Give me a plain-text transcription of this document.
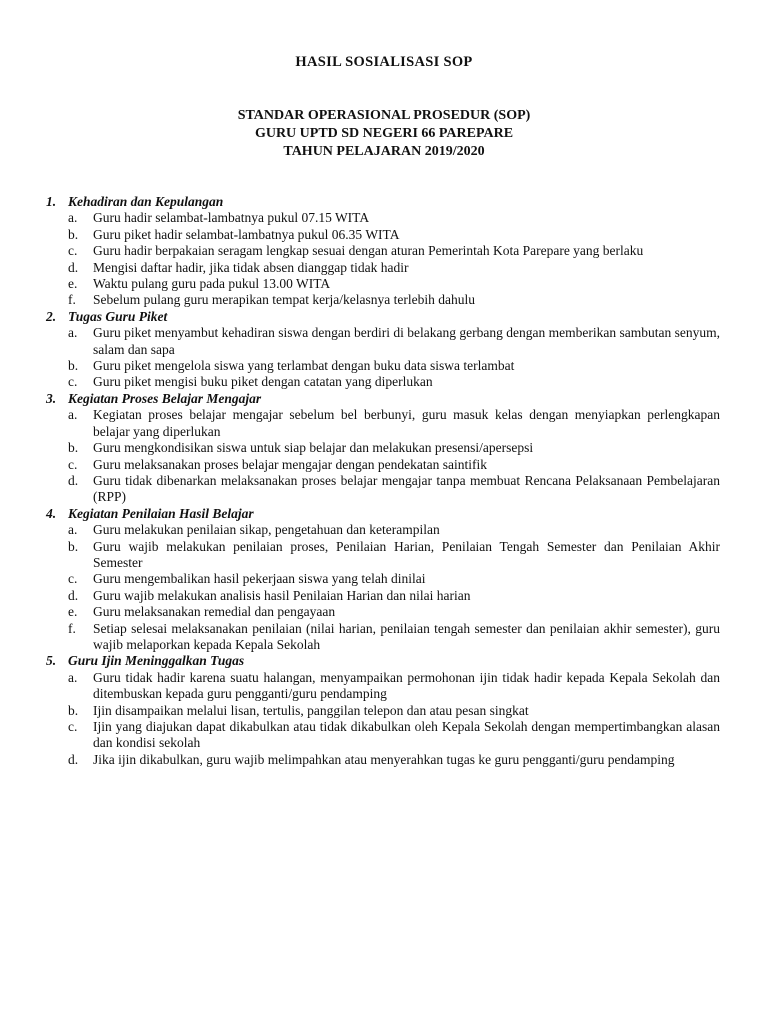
HASIL SOSIALISASI SOP
STANDAR OPERASIONAL PROSEDUR (SOP)
GURU UPTD SD NEGERI 66 PAREPARE
TAHUN PELAJARAN 2019/2020
1. Kehadiran dan Kepulangan
a.	Guru hadir selambat-lambatnya pukul 07.15 WITA
b.	Guru piket hadir selambat-lambatnya pukul 06.35 WITA
c.	Guru hadir berpakaian seragam lengkap sesuai dengan aturan Pemerintah Kota Parepare yang berlaku
d.	Mengisi daftar hadir, jika tidak absen dianggap tidak hadir
e.	Waktu pulang guru pada pukul 13.00 WITA
f.	Sebelum pulang guru merapikan tempat kerja/kelasnya terlebih dahulu
2. Tugas Guru Piket
a.	Guru piket menyambut kehadiran siswa dengan berdiri di belakang gerbang dengan memberikan sambutan senyum, salam dan sapa
b.	Guru piket mengelola siswa yang terlambat dengan buku data siswa terlambat
c.	Guru piket mengisi buku piket dengan catatan yang diperlukan
3. Kegiatan Proses Belajar Mengajar
a.	Kegiatan proses belajar mengajar sebelum bel berbunyi, guru masuk kelas dengan menyiapkan perlengkapan belajar yang diperlukan
b.	Guru mengkondisikan siswa untuk siap belajar dan melakukan presensi/apersepsi
c.	Guru melaksanakan proses belajar mengajar dengan pendekatan saintifik
d.	Guru tidak dibenarkan melaksanakan proses belajar mengajar tanpa membuat Rencana Pelaksanaan Pembelajaran (RPP)
4. Kegiatan Penilaian Hasil Belajar
a.	Guru melakukan penilaian sikap, pengetahuan dan keterampilan
b.	Guru wajib melakukan penilaian proses, Penilaian Harian, Penilaian Tengah Semester dan Penilaian Akhir Semester
c.	Guru mengembalikan hasil pekerjaan siswa yang telah dinilai
d.	Guru wajib melakukan analisis hasil Penilaian Harian dan nilai harian
e.	Guru melaksanakan remedial dan pengayaan
f.	Setiap selesai melaksanakan penilaian (nilai harian, penilaian tengah semester dan penilaian akhir semester), guru wajib melaporkan kepada Kepala Sekolah
5. Guru Ijin Meninggalkan Tugas
a.	Guru tidak hadir karena suatu halangan, menyampaikan permohonan ijin tidak hadir kepada Kepala Sekolah dan ditembuskan kepada guru pengganti/guru pendamping
b.	Ijin disampaikan melalui lisan, tertulis, panggilan telepon dan atau pesan singkat
c.	Ijin yang diajukan dapat dikabulkan atau tidak dikabulkan oleh Kepala Sekolah dengan mempertimbangkan alasan dan kondisi sekolah
d.	Jika ijin dikabulkan, guru wajib melimpahkan atau menyerahkan tugas ke guru pengganti/guru pendamping
